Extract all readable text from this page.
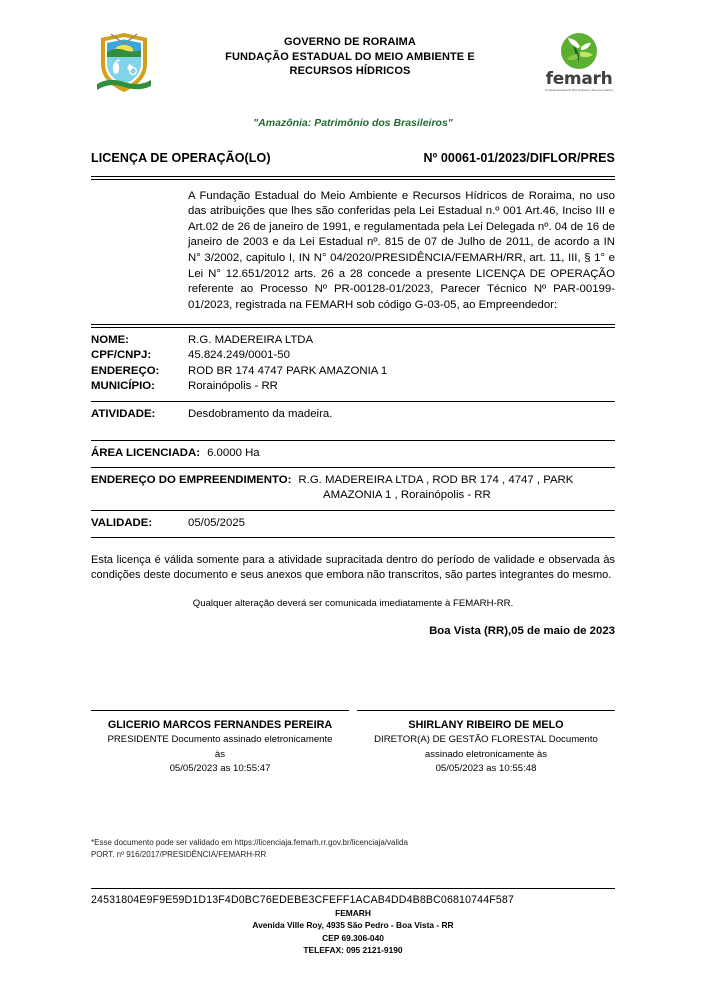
GOVERNO DE RORAIMA
FUNDAÇÃO ESTADUAL DO MEIO AMBIENTE E
RECURSOS HÍDRICOS	femarh
Fundação Estadual do Meio Ambiente e Recursos Hídricos
"Amazônia: Patrimônio dos Brasileiros"
LICENÇA DE OPERAÇÃO(LO)	Nº 00061-01/2023/DIFLOR/PRES
A Fundação Estadual do Meio Ambiente e Recursos Hídricos de Roraima, no uso das atribuições que lhes são conferidas pela Lei Estadual n.º 001 Art.46, Inciso III e Art.02 de 26 de janeiro de 1991, e regulamentada pela Lei Delegada nº. 04 de 16 de janeiro de 2003 e da Lei Estadual nº. 815 de 07 de Julho de 2011, de acordo a IN N° 3/2002, capitulo I, IN N° 04/2020/PRESIDÊNCIA/FEMARH/RR, art. 11, III, § 1° e Lei N° 12.651/2012 arts. 26 a 28 concede a presente LICENÇA DE OPERAÇÃO referente ao Processo Nº PR-00128-01/2023, Parecer Técnico Nº PAR-00199-01/2023, registrada na FEMARH sob código G-03-05, ao Empreendedor:
NOME:	R.G. MADEREIRA LTDA
CPF/CNPJ:	45.824.249/0001-50
ENDEREÇO:	ROD BR 174 4747 PARK AMAZONIA 1
MUNICÍPIO:	Rorainópolis - RR
ATIVIDADE:	Desdobramento da madeira.
ÁREA LICENCIADA: 6.0000 Ha
ENDEREÇO DO EMPREENDIMENTO: R.G. MADEREIRA LTDA , ROD BR 174 , 4747 , PARK
AMAZONIA 1 , Rorainópolis - RR
VALIDADE:	05/05/2025
Esta licença é válida somente para a atividade supracitada dentro do período de validade e observada às condições deste documento e seus anexos que embora não transcritos, são partes integrantes do mesmo.
Qualquer alteração deverá ser comunicada imediatamente à FEMARH-RR.
Boa Vista (RR),05 de maio de 2023
GLICERIO MARCOS FERNANDES PEREIRA
PRESIDENTE Documento assinado eletronicamente
às
05/05/2023 as 10:55:47
SHIRLANY RIBEIRO DE MELO
DIRETOR(A) DE GESTÃO FLORESTAL Documento
assinado eletronicamente às
05/05/2023 as 10:55:48
*Esse documento pode ser validado em https://licenciaja.femarh.rr.gov.br/licenciaja/valida
PORT. nº 916/2017/PRESIDÊNCIA/FEMARH-RR
24531804E9F9E59D1D13F4D0BC76EDEBE3CFEFF1ACAB4DD4B8BC06810744F587
FEMARH
Avenida Ville Roy, 4935 São Pedro - Boa Vista - RR
CEP 69.306-040
TELEFAX: 095 2121-9190
